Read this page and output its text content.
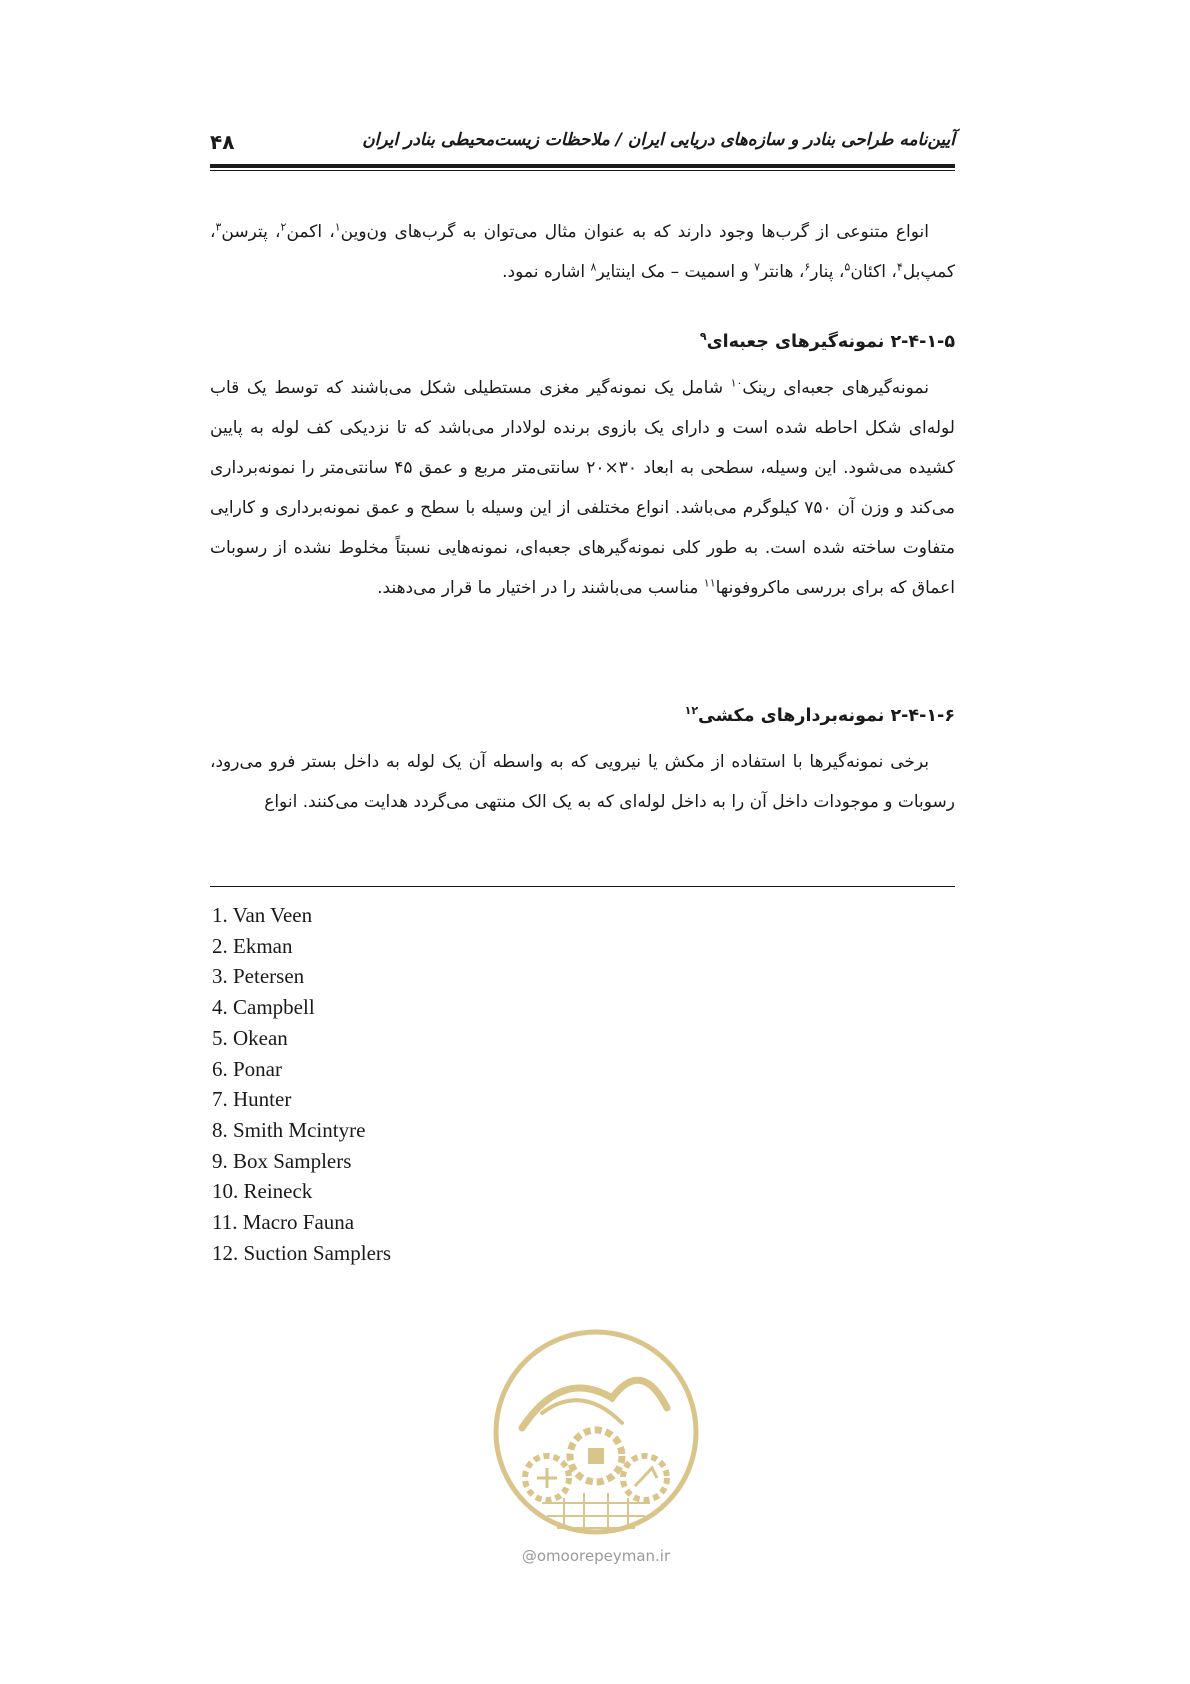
۴۸	آیین‌نامه طراحی بنادر و سازه‌های دریایی ایران / ملاحظات زیست‌محیطی بنادر ایران
انواع متنوعی از گرب‌ها وجود دارند که به عنوان مثال می‌توان به گرب‌های ون‌وین$^۱$، اکمن$^۲$، پترسن$^۳$، کمپ‌بل$^۴$، اکئان$^۵$، پنار$^۶$، هانتر$^۷$ و اسمیت – مک اینتایر$^۸$ اشاره نمود.
۲-۴-۱-۵ نمونه‌گیرهای جعبه‌ای$^۹$
نمونه‌گیرهای جعبه‌ای رینک$^{۱۰}$ شامل یک نمونه‌گیر مغزی مستطیلی شکل می‌باشند که توسط یک قاب لوله‌ای شکل احاطه شده است و دارای یک بازوی برنده لولادار می‌باشد که تا نزدیکی کف لوله به پایین کشیده می‌شود. این وسیله، سطحی به ابعاد ۳۰×۲۰ سانتی‌متر مربع و عمق ۴۵ سانتی‌متر را نمونه‌برداری می‌کند و وزن آن ۷۵۰ کیلوگرم می‌باشد. انواع مختلفی از این وسیله با سطح و عمق نمونه‌برداری و کارایی متفاوت ساخته شده است. به طور کلی نمونه‌گیرهای جعبه‌ای، نمونه‌هایی نسبتاً مخلوط نشده از رسوبات اعماق که برای بررسی ماکروفونها$^{۱۱}$ مناسب می‌باشند را در اختیار ما قرار می‌دهند.
۲-۴-۱-۶ نمونه‌بردارهای مکشی$^{۱۲}$
برخی نمونه‌گیرها با استفاده از مکش یا نیرویی که به واسطه آن یک لوله به داخل بستر فرو می‌رود، رسوبات و موجودات داخل آن را به داخل لوله‌ای که به یک الک منتهی می‌گردد هدایت می‌کنند. انواع
1. Van Veen
2. Ekman
3. Petersen
4. Campbell
5. Okean
6. Ponar
7. Hunter
8. Smith Mcintyre
9. Box Samplers
10. Reineck
11. Macro Fauna
12. Suction Samplers
@omoorepeyman.ir
